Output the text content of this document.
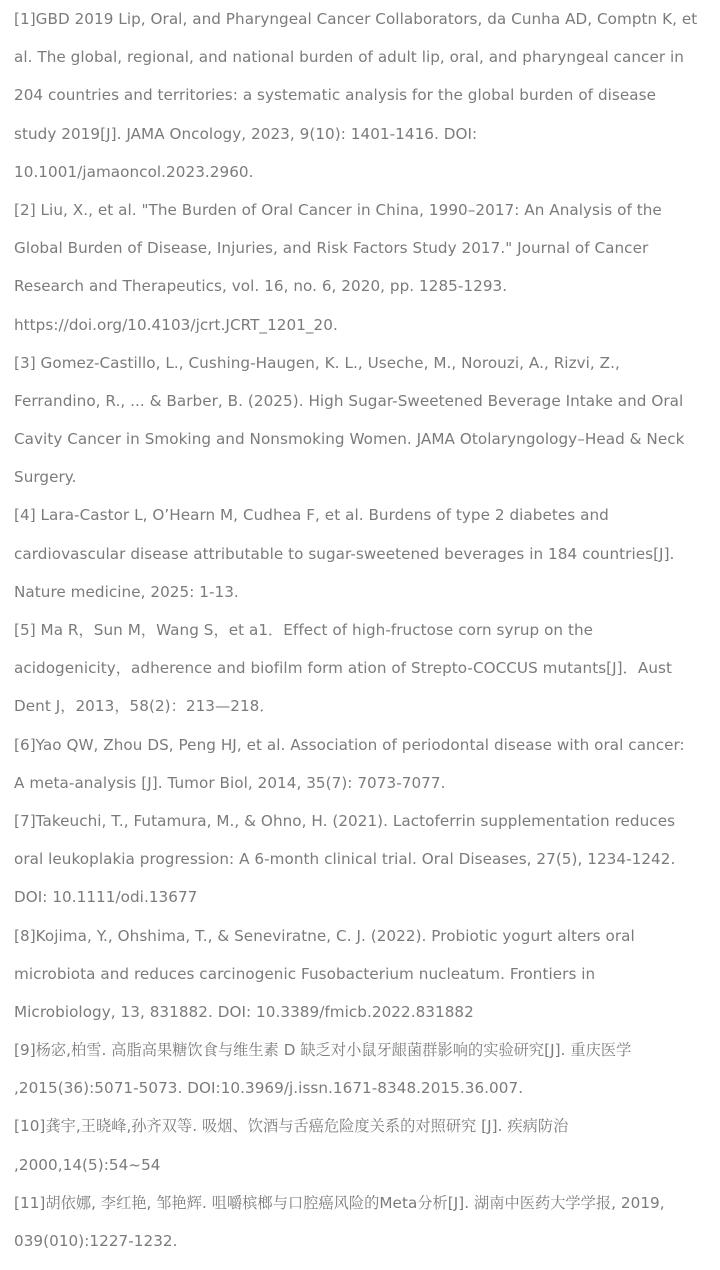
[1]GBD 2019 Lip, Oral, and Pharyngeal Cancer Collaborators, da Cunha AD, Comptn K, et
al. The global, regional, and national burden of adult lip, oral, and pharyngeal cancer in
204 countries and territories: a systematic analysis for the global burden of disease
study 2019[J]. JAMA Oncology, 2023, 9(10): 1401-1416. DOI:
10.1001/jamaoncol.2023.2960.
[2] Liu, X., et al. "The Burden of Oral Cancer in China, 1990–2017: An Analysis of the
Global Burden of Disease, Injuries, and Risk Factors Study 2017." Journal of Cancer
Research and Therapeutics, vol. 16, no. 6, 2020, pp. 1285-1293.
https://doi.org/10.4103/jcrt.JCRT_1201_20.
[3] Gomez-Castillo, L., Cushing-Haugen, K. L., Useche, M., Norouzi, A., Rizvi, Z.,
Ferrandino, R., ... & Barber, B. (2025). High Sugar-Sweetened Beverage Intake and Oral
Cavity Cancer in Smoking and Nonsmoking Women. JAMA Otolaryngology–Head & Neck
Surgery.
[4] Lara-Castor L, O’Hearn M, Cudhea F, et al. Burdens of type 2 diabetes and
cardiovascular disease attributable to sugar-sweetened beverages in 184 countries[J].
Nature medicine, 2025: 1-13.
[5] Ma R，Sun M，Wang S，et a1．Effect of high-fructose corn syrup on the
acidogenicity，adherence and biofilm form ation of Strepto-COCCUS mutants[J]．Aust
Dent J，2013，58(2)：213—218．
[6]Yao QW, Zhou DS, Peng HJ, et al. Association of periodontal disease with oral cancer:
A meta-analysis [J]. Tumor Biol, 2014, 35(7): 7073-7077.
[7]Takeuchi, T., Futamura, M., & Ohno, H. (2021). Lactoferrin supplementation reduces
oral leukoplakia progression: A 6-month clinical trial. Oral Diseases, 27(5), 1234-1242.
DOI: 10.1111/odi.13677
[8]Kojima, Y., Ohshima, T., & Seneviratne, C. J. (2022). Probiotic yogurt alters oral
microbiota and reduces carcinogenic Fusobacterium nucleatum. Frontiers in
Microbiology, 13, 831882. DOI: 10.3389/fmicb.2022.831882
[9]杨宓,柏雪. 高脂高果糖饮食与维生素 D 缺乏对小鼠牙龈菌群影响的实验研究[J]. 重庆医学
,2015(36):5071-5073. DOI:10.3969/j.issn.1671-8348.2015.36.007.
[10]龚宇,王晓峰,孙齐双等. 吸烟、饮酒与舌癌危险度关系的对照研究 [J]. 疾病防治
,2000,14(5):54~54
[11]胡依娜, 李红艳, 邹艳辉. 咀嚼槟榔与口腔癌风险的Meta分析[J]. 湖南中医药大学学报, 2019,
039(010):1227-1232.
